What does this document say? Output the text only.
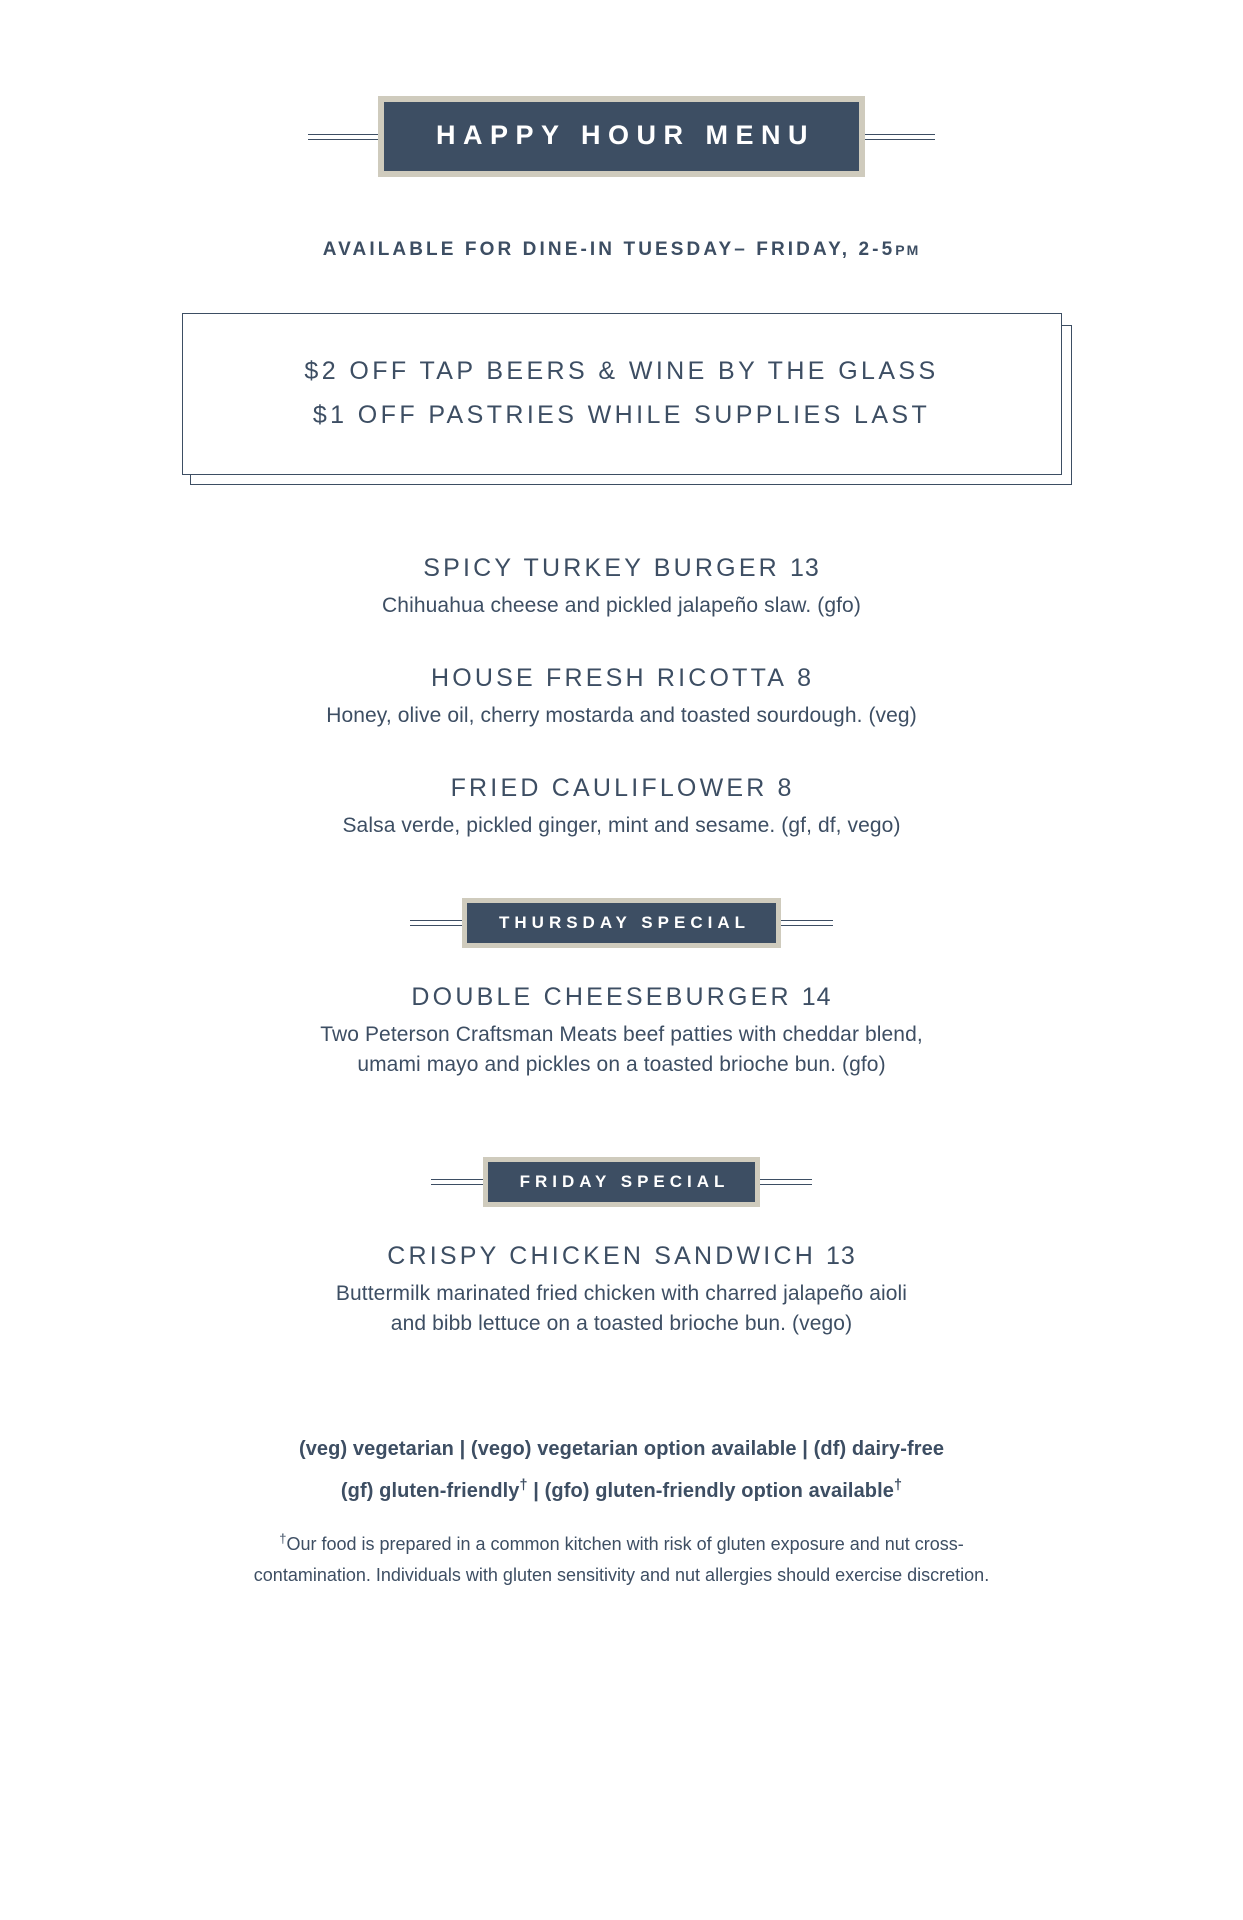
HAPPY HOUR MENU
AVAILABLE FOR DINE-IN TUESDAY– FRIDAY, 2-5PM
$2 OFF TAP BEERS & WINE BY THE GLASS
$1 OFF PASTRIES WHILE SUPPLIES LAST
SPICY TURKEY BURGER 13
Chihuahua cheese and pickled jalapeño slaw. (gfo)
HOUSE FRESH RICOTTA 8
Honey, olive oil, cherry mostarda and toasted sourdough. (veg)
FRIED CAULIFLOWER 8
Salsa verde, pickled ginger, mint and sesame. (gf, df, vego)
THURSDAY SPECIAL
DOUBLE CHEESEBURGER 14
Two Peterson Craftsman Meats beef patties with cheddar blend,
umami mayo and pickles on a toasted brioche bun. (gfo)
FRIDAY SPECIAL
CRISPY CHICKEN SANDWICH 13
Buttermilk marinated fried chicken with charred jalapeño aioli
and bibb lettuce on a toasted brioche bun. (vego)
(veg) vegetarian | (vego) vegetarian option available | (df) dairy-free
(gf) gluten-friendly† | (gfo) gluten-friendly option available†
†Our food is prepared in a common kitchen with risk of gluten exposure and nut cross-
contamination. Individuals with gluten sensitivity and nut allergies should exercise discretion.
